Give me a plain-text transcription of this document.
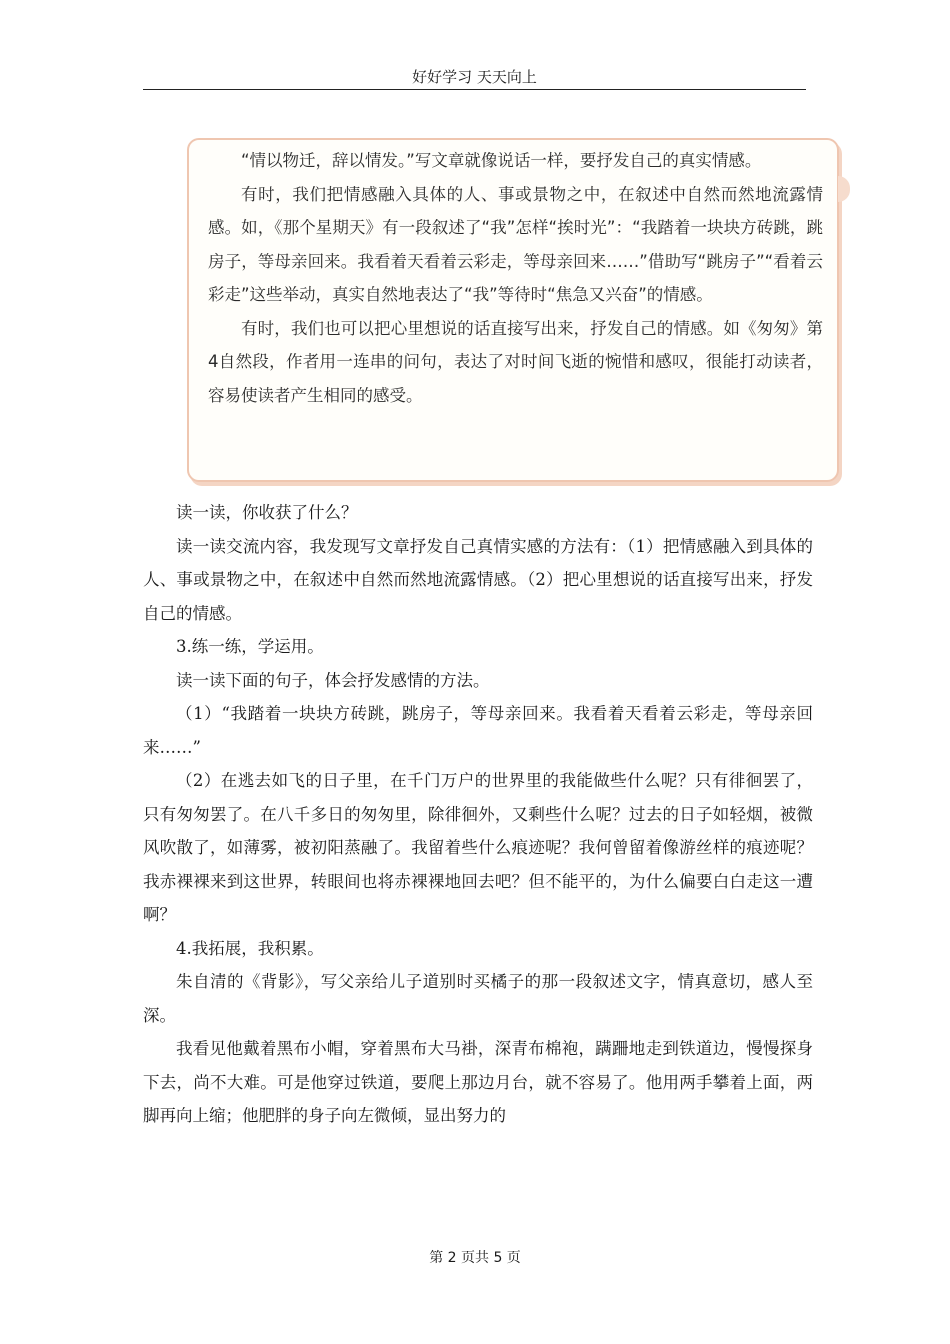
好好学习 天天向上

“情以物迁，辞以情发。”写文章就像说话一样，要抒发自己的真实情感。

有时，我们把情感融入具体的人、事或景物之中，在叙述中自然而然地流露情感。如，《那个星期天》有一段叙述了“我”怎样“挨时光”：“我踏着一块块方砖跳，跳房子，等母亲回来。我看着天看着云彩走，等母亲回来……”借助写“跳房子”“看着云彩走”这些举动，真实自然地表达了“我”等待时“焦急又兴奋”的情感。

有时，我们也可以把心里想说的话直接写出来，抒发自己的情感。如《匆匆》第4自然段，作者用一连串的问句，表达了对时间飞逝的惋惜和感叹，很能打动读者，容易使读者产生相同的感受。

读一读，你收获了什么？

读一读交流内容，我发现写文章抒发自己真情实感的方法有：（1）把情感融入到具体的人、事或景物之中，在叙述中自然而然地流露情感。（2）把心里想说的话直接写出来，抒发自己的情感。

3.练一练，学运用。

读一读下面的句子，体会抒发感情的方法。

（1）“我踏着一块块方砖跳，跳房子，等母亲回来。我看着天看着云彩走，等母亲回来……”

（2）在逃去如飞的日子里，在千门万户的世界里的我能做些什么呢？只有徘徊罢了，只有匆匆罢了。在八千多日的匆匆里，除徘徊外，又剩些什么呢？过去的日子如轻烟，被微风吹散了，如薄雾，被初阳蒸融了。我留着些什么痕迹呢？我何曾留着像游丝样的痕迹呢？我赤裸裸来到这世界，转眼间也将赤裸裸地回去吧？但不能平的，为什么偏要白白走这一遭啊？

4.我拓展，我积累。

朱自清的《背影》，写父亲给儿子道别时买橘子的那一段叙述文字，情真意切，感人至深。

我看见他戴着黑布小帽，穿着黑布大马褂，深青布棉袍，蹒跚地走到铁道边，慢慢探身下去，尚不大难。可是他穿过铁道，要爬上那边月台，就不容易了。他用两手攀着上面，两脚再向上缩；他肥胖的身子向左微倾，显出努力的

第 2 页共 5 页
